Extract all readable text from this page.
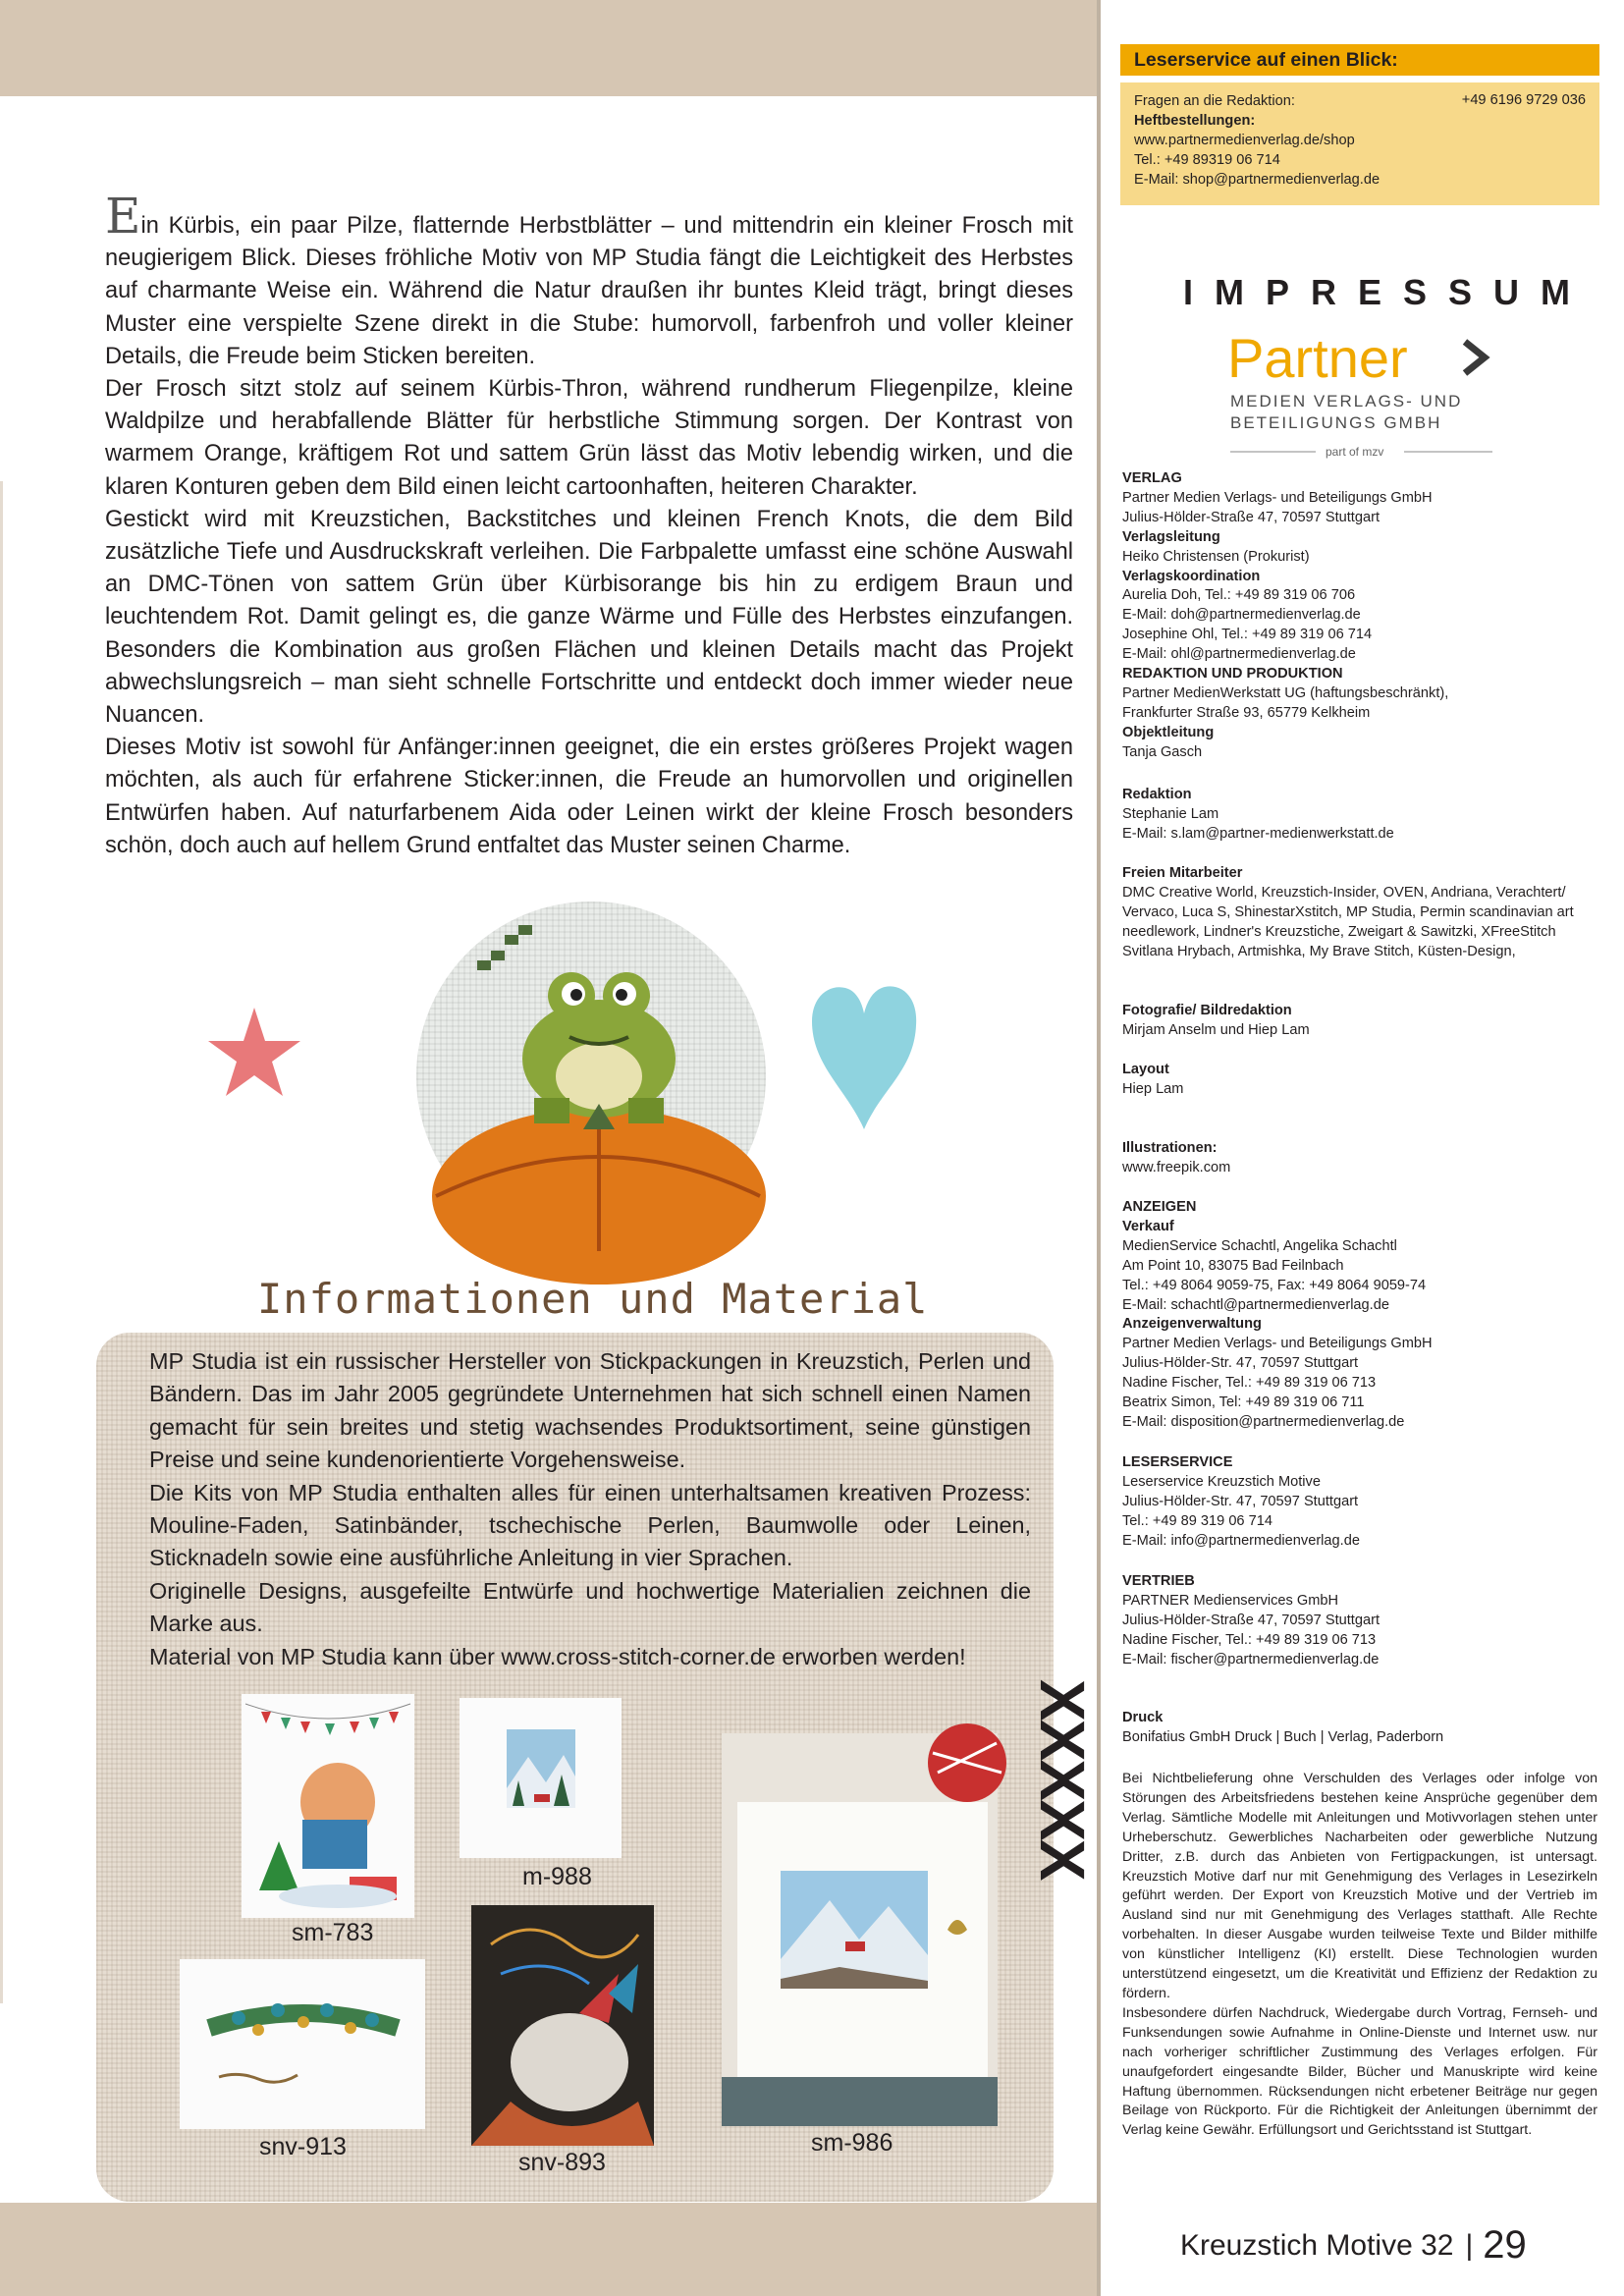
Ein Kürbis, ein paar Pilze, flatternde Herbstblätter – und mittendrin ein kleiner Frosch mit neugierigem Blick. Dieses fröhliche Motiv von MP Studia fängt die Leichtigkeit des Herbstes auf charmante Weise ein. Während die Natur draußen ihr buntes Kleid trägt, bringt dieses Muster eine verspielte Szene direkt in die Stube: humorvoll, farbenfroh und voller kleiner Details, die Freude beim Sticken bereiten.

Der Frosch sitzt stolz auf seinem Kürbis-Thron, während rundherum Fliegenpilze, kleine Waldpilze und herabfallende Blätter für herbstliche Stimmung sorgen. Der Kontrast von warmem Orange, kräftigem Rot und sattem Grün lässt das Motiv lebendig wirken, und die klaren Konturen geben dem Bild einen leicht cartoonhaften, heiteren Charakter.

Gestickt wird mit Kreuzstichen, Backstitches und kleinen French Knots, die dem Bild zusätzliche Tiefe und Ausdruckskraft verleihen. Die Farbpalette umfasst eine schöne Auswahl an DMC-Tönen von sattem Grün über Kürbisorange bis hin zu erdigem Braun und leuchtendem Rot. Damit gelingt es, die ganze Wärme und Fülle des Herbstes einzufangen. Besonders die Kombination aus großen Flächen und kleinen Details macht das Projekt abwechslungsreich – man sieht schnelle Fortschritte und entdeckt doch immer wieder neue Nuancen.

Dieses Motiv ist sowohl für Anfänger:innen geeignet, die ein erstes größeres Projekt wagen möchten, als auch für erfahrene Sticker:innen, die Freude an humorvollen und originellen Entwürfen haben. Auf naturfarbenem Aida oder Leinen wirkt der kleine Frosch besonders schön, doch auch auf hellem Grund entfaltet das Muster seinen Charme.

Informationen und Material

MP Studia ist ein russischer Hersteller von Stickpackungen in Kreuzstich, Perlen und Bändern. Das im Jahr 2005 gegründete Unternehmen hat sich schnell einen Namen gemacht für sein breites und stetig wachsendes Produktsortiment, seine günstigen Preise und seine kundenorientierte Vorgehensweise.

Die Kits von MP Studia enthalten alles für einen unterhaltsamen kreativen Prozess: Mouline-Faden, Satinbänder, tschechische Perlen, Baumwolle oder Leinen, Sticknadeln sowie eine ausführliche Anleitung in vier Sprachen.

Originelle Designs, ausgefeilte Entwürfe und hochwertige Materialien zeichnen die Marke aus.

Material von MP Studia kann über www.cross-stitch-corner.de erworben werden!

sm-783
m-988
snv-913
snv-893
sm-986
XXXXX
Leserservice auf einen Blick:
Fragen an die Redaktion:	+49 6196 9729 036
Heftbestellungen:
www.partnermedienverlag.de/shop
Tel.: +49 89319 06 714
E-Mail: shop@partnermedienverlag.de
IMPRESSUM
Partner
MEDIEN VERLAGS- UND
BETEILIGUNGS GMBH
part of mzv
VERLAG
Partner Medien Verlags- und Beteiligungs GmbH
Julius-Hölder-Straße 47, 70597 Stuttgart
Verlagsleitung
Heiko Christensen (Prokurist)
Verlagskoordination
Aurelia Doh, Tel.: +49 89 319 06 706
E-Mail: doh@partnermedienverlag.de
Josephine Ohl, Tel.: +49 89 319 06 714
E-Mail: ohl@partnermedienverlag.de
REDAKTION UND PRODUKTION
Partner MedienWerkstatt UG (haftungsbeschränkt),
Frankfurter Straße 93, 65779 Kelkheim
Objektleitung
Tanja Gasch
Redaktion
Stephanie Lam
E-Mail: s.lam@partner-medienwerkstatt.de
Freien Mitarbeiter
DMC Creative World, Kreuzstich-Insider, OVEN, Andriana, Verachtert/
Vervaco, Luca S, ShinestarXstitch, MP Studia, Permin scandinavian art
needlework, Lindner's Kreuzstiche, Zweigart & Sawitzki, XFreeStitch
Svitlana Hrybach, Artmishka, My Brave Stitch, Küsten-Design,
Fotografie/ Bildredaktion
Mirjam Anselm und Hiep Lam
Layout
Hiep Lam
Illustrationen:
www.freepik.com
ANZEIGEN
Verkauf
MedienService Schachtl, Angelika Schachtl
Am Point 10, 83075 Bad Feilnbach
Tel.: +49 8064 9059-75, Fax: +49 8064 9059-74
E-Mail: schachtl@partnermedienverlag.de
Anzeigenverwaltung
Partner Medien Verlags- und Beteiligungs GmbH
Julius-Hölder-Str. 47, 70597 Stuttgart
Nadine Fischer, Tel.: +49 89 319 06 713
Beatrix Simon, Tel: +49 89 319 06 711
E-Mail: disposition@partnermedienverlag.de
LESERSERVICE
Leserservice Kreuzstich Motive
Julius-Hölder-Str. 47, 70597 Stuttgart
Tel.: +49 89 319 06 714
E-Mail: info@partnermedienverlag.de
VERTRIEB
PARTNER Medienservices GmbH
Julius-Hölder-Straße 47, 70597 Stuttgart
Nadine Fischer, Tel.: +49 89 319 06 713
E-Mail: fischer@partnermedienverlag.de
Druck
Bonifatius GmbH Druck | Buch | Verlag, Paderborn

Bei Nichtbelieferung ohne Verschulden des Verlages oder infolge von Störungen des Arbeitsfriedens bestehen keine Ansprüche gegenüber dem Verlag. Sämtliche Modelle mit Anleitungen und Motivvorlagen stehen unter Urheberschutz. Gewerbliches Nacharbeiten oder gewerbliche Nutzung Dritter, z.B. durch das Anbieten von Fertigpackungen, ist untersagt. Kreuzstich Motive darf nur mit Genehmigung des Verlages in Lesezirkeln geführt werden. Der Export von Kreuzstich Motive und der Vertrieb im Ausland sind nur mit Genehmigung des Verlages statthaft. Alle Rechte vorbehalten. In dieser Ausgabe wurden teilweise Texte und Bilder mithilfe von künstlicher Intelligenz (KI) erstellt. Diese Technologien wurden unterstützend eingesetzt, um die Kreativität und Effizienz der Redaktion zu fördern.

Insbesondere dürfen Nachdruck, Wiedergabe durch Vortrag, Fernseh- und Funksendungen sowie Aufnahme in Online-Dienste und Internet usw. nur nach vorheriger schriftlicher Zustimmung des Verlages erfolgen. Für unaufgefordert eingesandte Bilder, Bücher und Manuskripte wird keine Haftung übernommen. Rücksendungen nicht erbetener Beiträge nur gegen Beilage von Rückporto. Für die Richtigkeit der Anleitungen übernimmt der Verlag keine Gewähr. Erfüllungsort und Gerichtsstand ist Stuttgart.

Kreuzstich Motive 32 | 29
